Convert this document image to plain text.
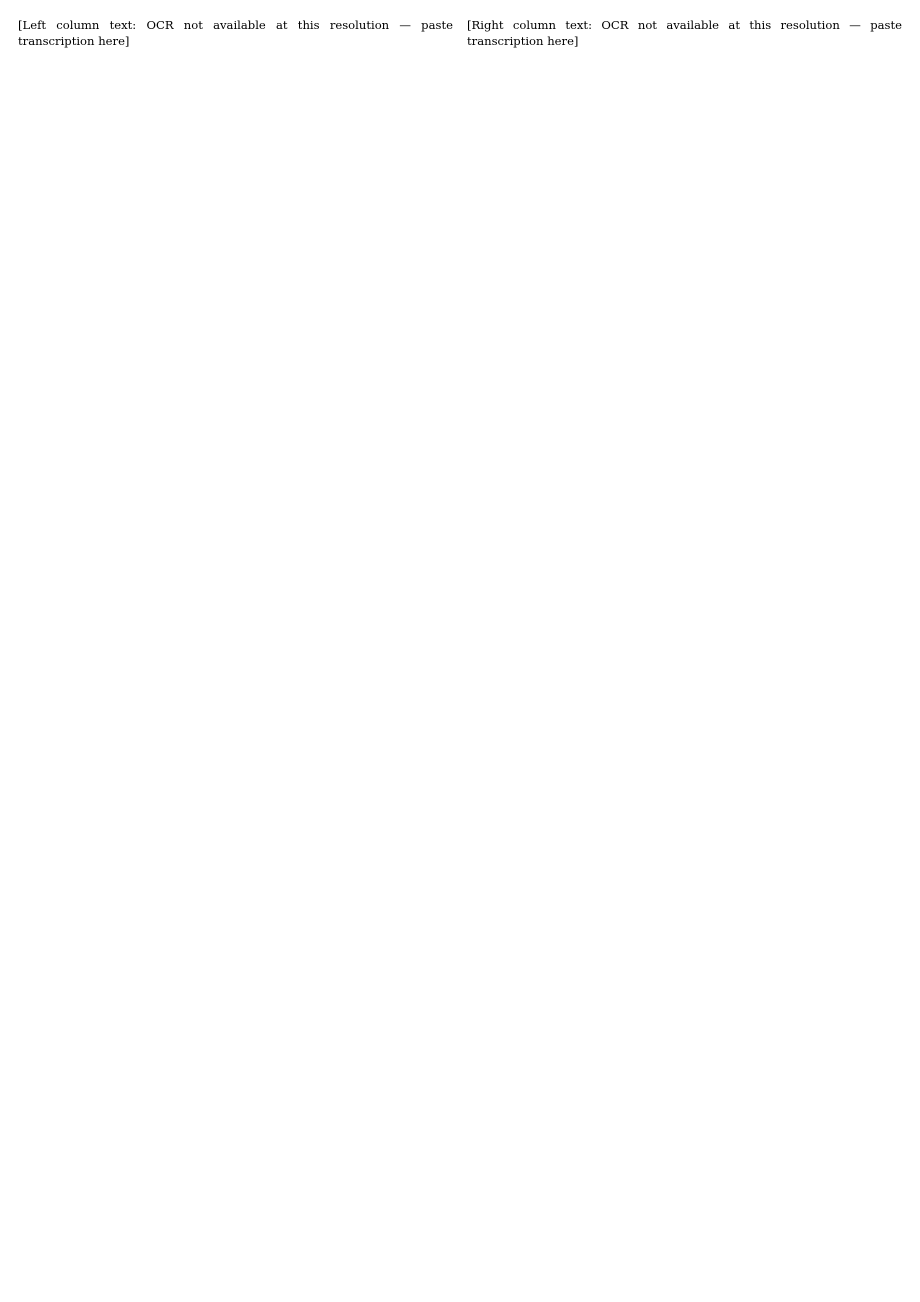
[Left column text: OCR not available at this resolution — paste transcription here]

[Right column text: OCR not available at this resolution — paste transcription here]
